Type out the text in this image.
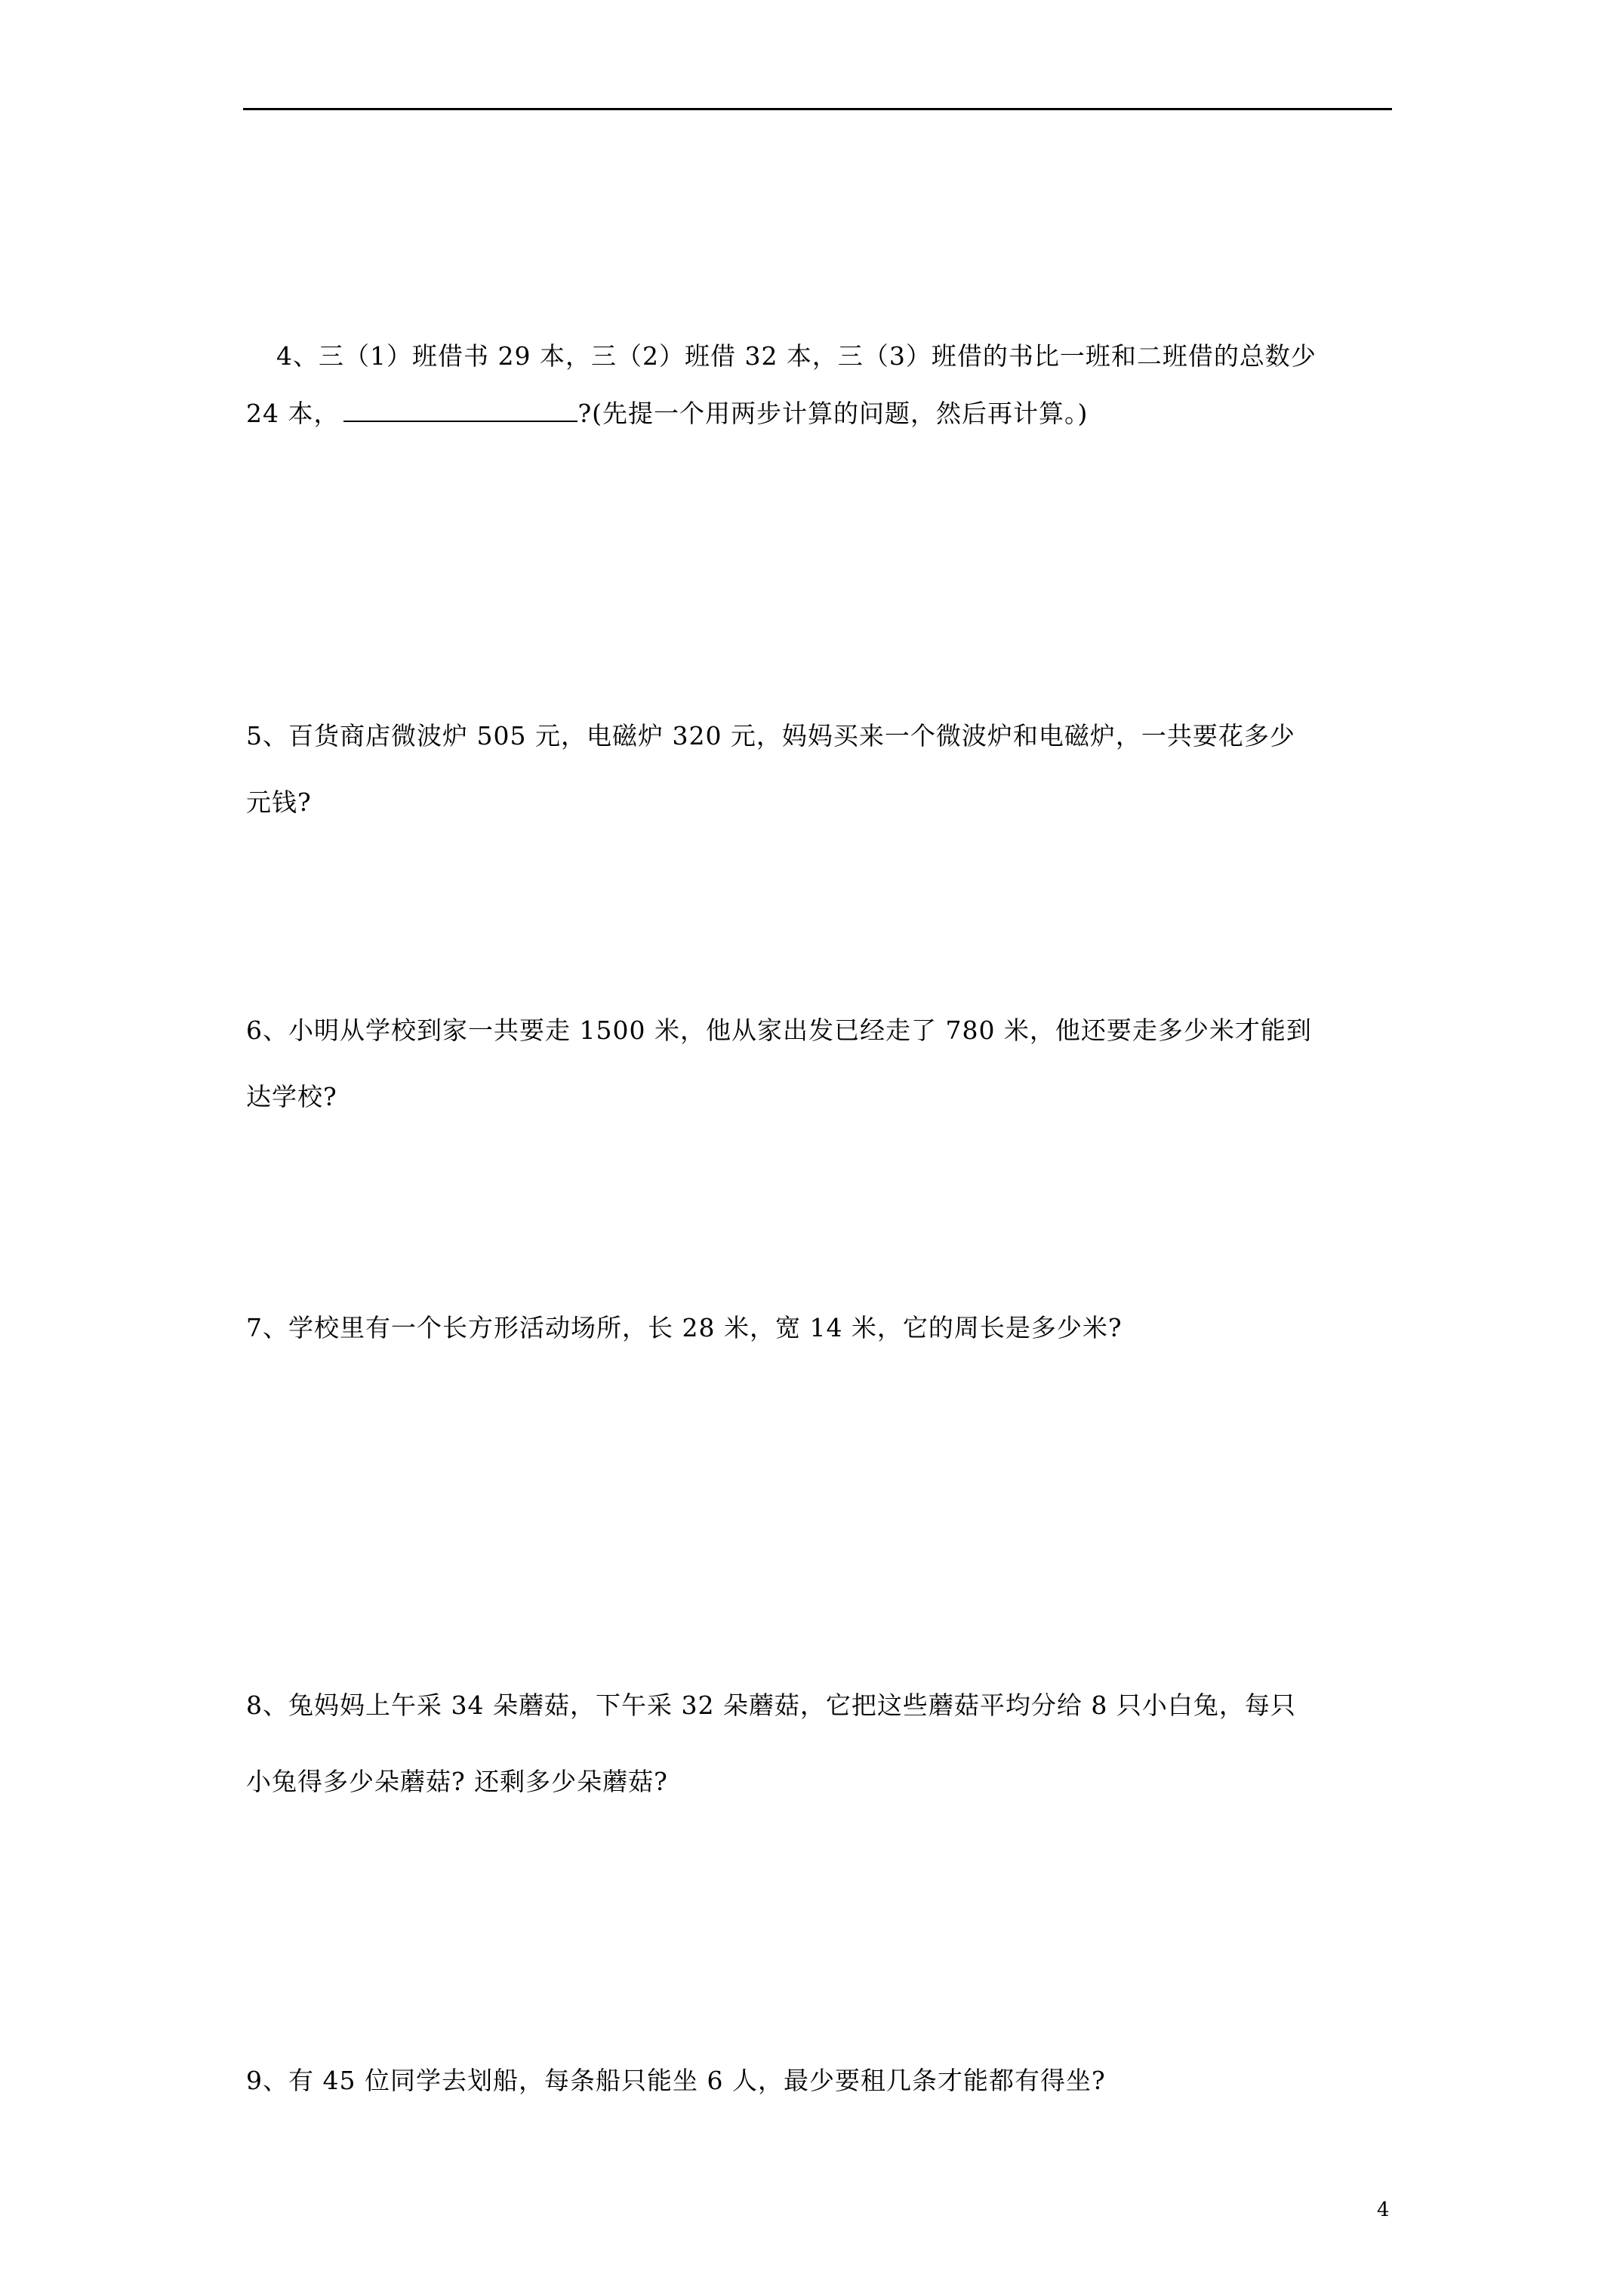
4、三（1）班借书 29 本，三（2）班借 32 本，三（3）班借的书比一班和二班借的总数少
24 本，	?(先提一个用两步计算的问题，然后再计算。)
5、百货商店微波炉 505 元，电磁炉 320 元，妈妈买来一个微波炉和电磁炉，一共要花多少
元钱?
6、小明从学校到家一共要走 1500 米，他从家出发已经走了 780 米，他还要走多少米才能到
达学校?
7、学校里有一个长方形活动场所，长 28 米，宽 14 米，它的周长是多少米?
8、兔妈妈上午采 34 朵蘑菇，下午采 32 朵蘑菇，它把这些蘑菇平均分给 8 只小白兔，每只
小兔得多少朵蘑菇? 还剩多少朵蘑菇?
9、有 45 位同学去划船，每条船只能坐 6 人，最少要租几条才能都有得坐?
4
